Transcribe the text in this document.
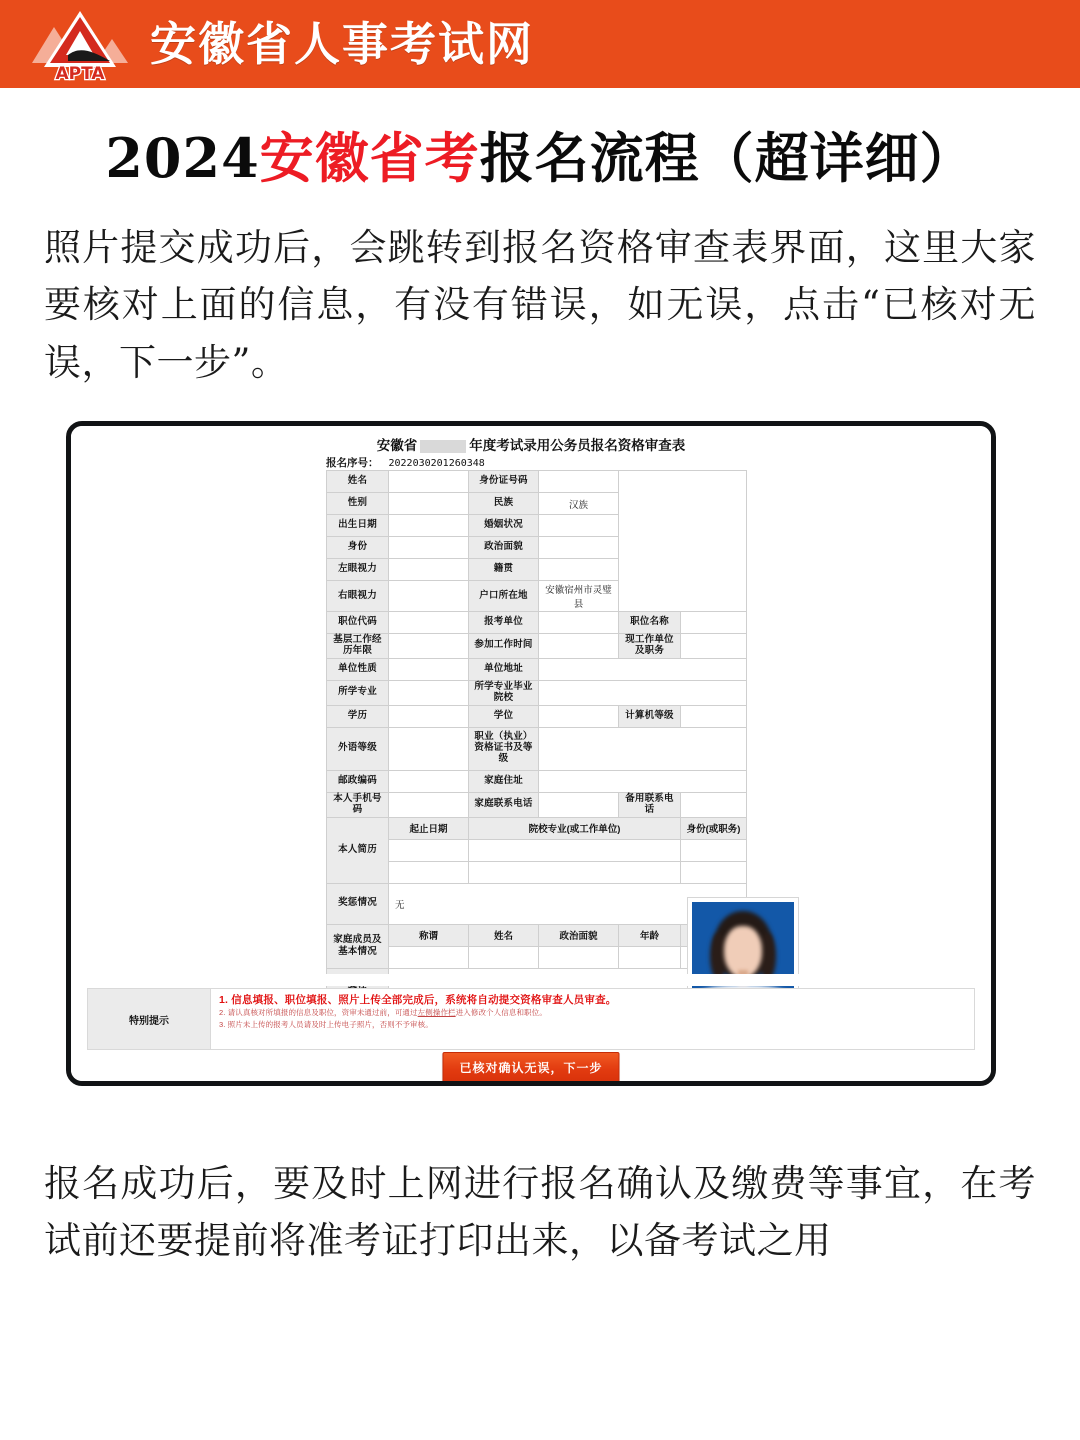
APTA
安徽省人事考试网
2024安徽省考报名流程（超详细）

照片提交成功后，会跳转到报名资格审查表界面，这里大家要核对上面的信息，有没有错误，如无误，点击“已核对无误，下一步”。

安徽省	年度考试录用公务员报名资格审查表
报名序号： 2022030201260348
姓名		身份证号码			
性别		民族	汉族		
出生日期		婚姻状况			
身份		政治面貌			
左眼视力		籍贯			
右眼视力		户口所在地	安徽宿州市灵璧县		
职位代码		报考单位		职位名称	
基层工作经历年限		参加工作时间		现工作单位及职务	
单位性质		单位地址			
所学专业		所学专业毕业院校			
学历		学位		计算机等级	
外语等级		职业（执业）资格证书及等级			
邮政编码		家庭住址			
本人手机号码		家庭联系电话		备用联系电话	
本人简历	起止日期	院校专业(或工作单位)			身份(或职务)

奖惩情况	无				
家庭成员及基本情况	称谓	姓名	政治面貌	年龄	

特别提示
1. 信息填报、职位填报、照片上传全部完成后，系统将自动提交资格审查人员审查。
2. 请认真核对所填报的信息及职位，资审未通过前，可通过左侧操作栏进入修改个人信息和职位。
3. 照片未上传的报考人员请及时上传电子照片，否则不予审核。
已核对确认无误，下一步

报名成功后，要及时上网进行报名确认及缴费等事宜，在考试前还要提前将准考证打印出来，以备考试之用
